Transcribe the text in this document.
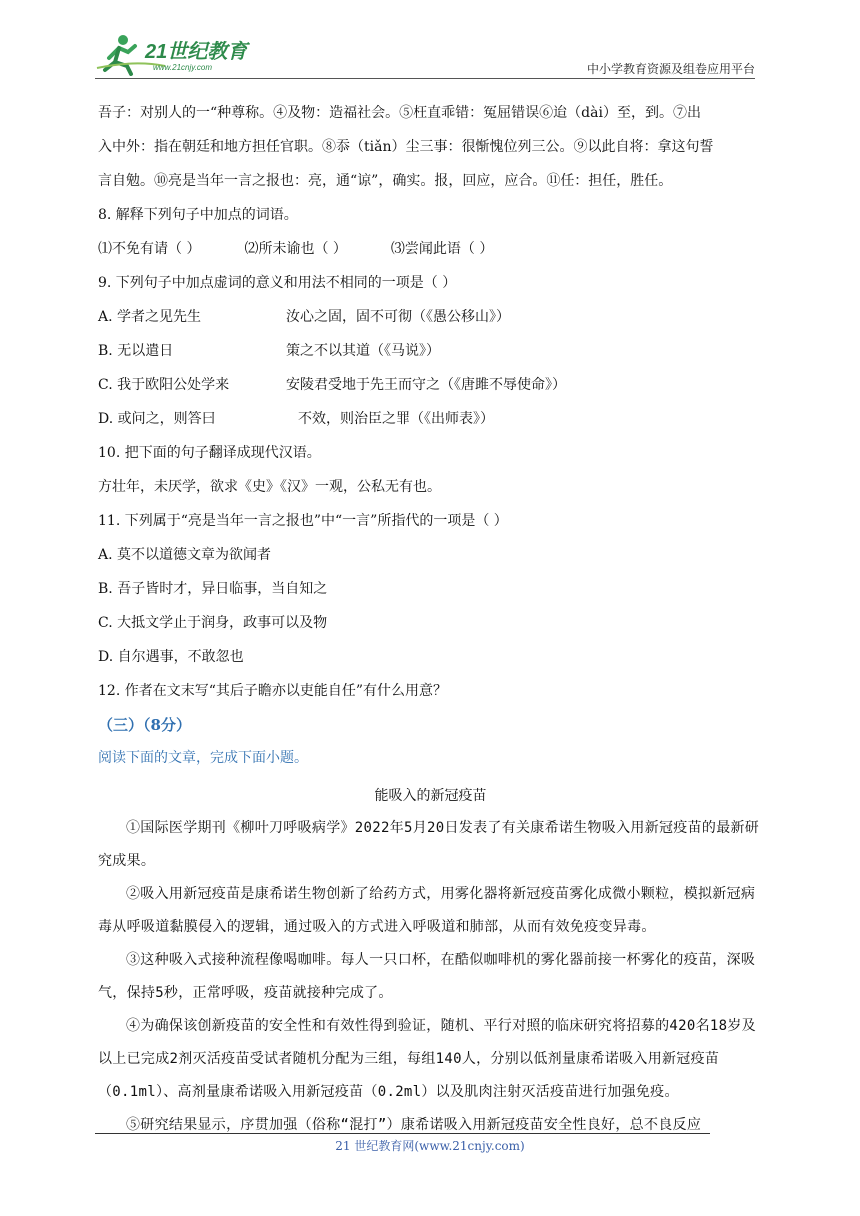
21世纪教育
www.21cnjy.com	中小学教育资源及组卷应用平台

吾子：对别人的一“种尊称。④及物：造福社会。⑤枉直乖错：冤屈错误⑥迨（dài）至，到。⑦出

入中外：指在朝廷和地方担任官职。⑧忝（tiǎn）尘三事：很惭愧位列三公。⑨以此自将：拿这句誓

言自勉。⑩亮是当年一言之报也：亮，通“谅”，确实。报，回应，应合。⑪任：担任，胜任。

8. 解释下列句子中加点的词语。

⑴不免有请（ ）	⑵所未谕也（ ）	⑶尝闻此语（ ）

9. 下列句子中加点虚词的意义和用法不相同的一项是（ ）

A. 学者之见先生	汝心之固，固不可彻（《愚公移山》）
B. 无以遣日	策之不以其道（《马说》）
C. 我于欧阳公处学来	安陵君受地于先王而守之（《唐雎不辱使命》）
D. 或问之，则答曰	不效，则治臣之罪（《出师表》）

10. 把下面的句子翻译成现代汉语。

方壮年，未厌学，欲求《史》《汉》一观，公私无有也。

11. 下列属于“亮是当年一言之报也”中“一言”所指代的一项是（ ）

A. 莫不以道德文章为欲闻者

B. 吾子皆时才，异日临事，当自知之

C. 大抵文学止于润身，政事可以及物

D. 自尔遇事，不敢忽也

12. 作者在文末写“其后子瞻亦以吏能自任”有什么用意？

（三）（8分）
阅读下面的文章，完成下面小题。
能吸入的新冠疫苗

①国际医学期刊《柳叶刀呼吸病学》2022年5月20日发表了有关康希诺生物吸入用新冠疫苗的最新研究成果。

②吸入用新冠疫苗是康希诺生物创新了给药方式，用雾化器将新冠疫苗雾化成微小颗粒，模拟新冠病毒从呼吸道黏膜侵入的逻辑，通过吸入的方式进入呼吸道和肺部，从而有效免疫变异毒。

③这种吸入式接种流程像喝咖啡。每人一只口杯，在酷似咖啡机的雾化器前接一杯雾化的疫苗，深吸气，保持5秒，正常呼吸，疫苗就接种完成了。

④为确保该创新疫苗的安全性和有效性得到验证，随机、平行对照的临床研究将招募的420名18岁及以上已完成2剂灭活疫苗受试者随机分配为三组，每组140人，分别以低剂量康希诺吸入用新冠疫苗（0.1ml）、高剂量康希诺吸入用新冠疫苗（0.2ml）以及肌肉注射灭活疫苗进行加强免疫。

⑤研究结果显示，序贯加强（俗称“混打”）康希诺吸入用新冠疫苗安全性良好，总不良反应

21 世纪教育网(www.21cnjy.com)
